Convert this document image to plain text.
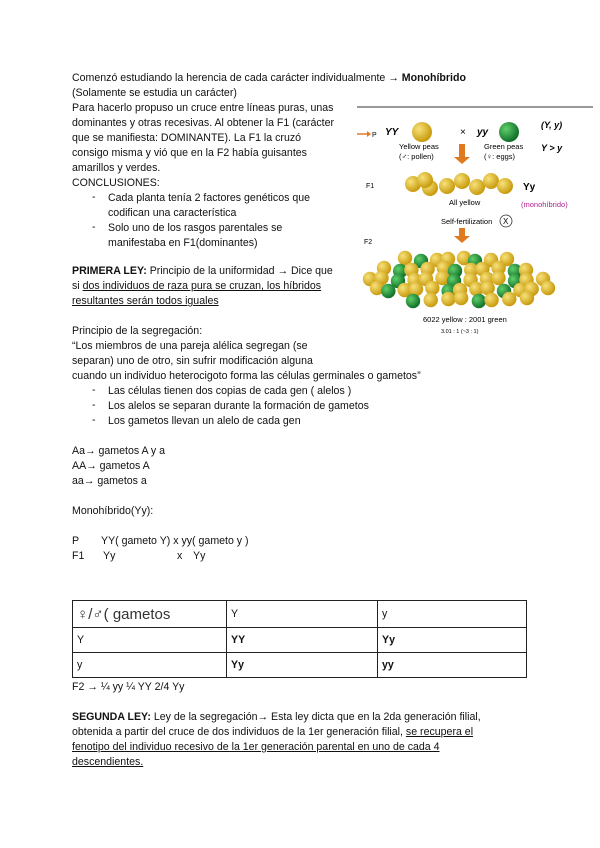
Comenzó estudiando la herencia de cada carácter individualmente → Monohíbrido
(Solamente se estudia un carácter)
Para hacerlo propuso un cruce entre líneas puras, unas
dominantes y otras recesivas. Al obtener la F1 (carácter
que se manifiesta: DOMINANTE). La F1 la cruzó
consigo misma y vió que en la F2 había guisantes
amarillos y verdes.
CONCLUSIONES:
- Cada planta tenía 2 factores genéticos que
codifican una característica
- Solo uno de los rasgos parentales se
manifestaba en F1(dominantes)
P YY	× yy
(Y, y)
Yellow peas
(♂: pollen)
Green peas
(♀: eggs)
Y > y
F1	Yy
All yellow	(monohíbrido)
Self-fertilization X
F2
6022 yellow : 2001 green
3.01 : 1 (~3 : 1)
PRIMERA LEY: Principio de la uniformidad → Dice que
si dos individuos de raza pura se cruzan, los híbridos
resultantes serán todos iguales
Principio de la segregación:
“Los miembros de una pareja alélica segregan (se
separan) uno de otro, sin sufrir modificación alguna
cuando un individuo heterocigoto forma las células germinales o gametos”
- Las células tienen dos copias de cada gen ( alelos )
- Los alelos se separan durante la formación de gametos
- Los gametos llevan un alelo de cada gen
Aa→ gametos A y a
AA→ gametos A
aa→ gametos a
Monohíbrido(Yy):
P YY( gameto Y) x yy( gameto y )
F1 Yy	x Yy
♀/♂( gametos	Y	y
Y	YY	Yy
y	Yy	yy
F2 → ¼ yy ¼ YY 2/4 Yy
SEGUNDA LEY: Ley de la segregación→ Esta ley dicta que en la 2da generación filial,
obtenida a partir del cruce de dos individuos de la 1er generación filial, se recupera el
fenotipo del individuo recesivo de la 1er generación parental en uno de cada 4
descendientes.
